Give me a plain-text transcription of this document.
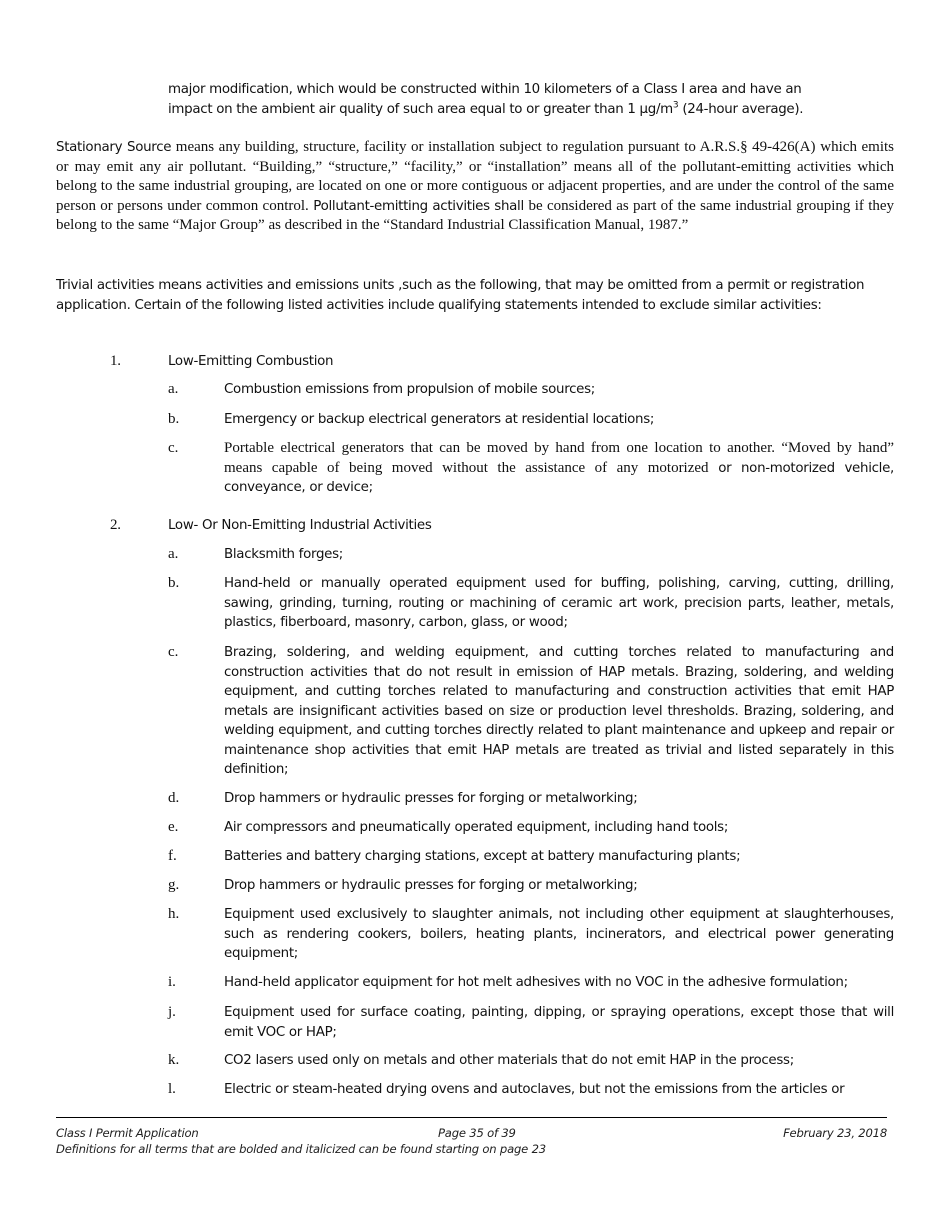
major modification, which would be constructed within 10 kilometers of a Class I area and have an
impact on the ambient air quality of such area equal to or greater than 1 $\mu g/m^3$ (24-hour average).
Stationary Source means any building, structure, facility or installation subject to regulation pursuant to A.R.S.§ 49-426(A) which emits or may emit any air pollutant. “Building,” “structure,” “facility,” or “installation” means all of the pollutant-emitting activities which belong to the same industrial grouping, are located on one or more contiguous or adjacent properties, and are under the control of the same person or persons under common control. Pollutant-emitting activities shall be considered as part of the same industrial grouping if they belong to the same “Major Group” as described in the “Standard Industrial Classification Manual, 1987.”
Trivial activities means activities and emissions units ,such as the following, that may be omitted from a permit or registration application. Certain of the following listed activities include qualifying statements intended to exclude similar activities:
1.	Low-Emitting Combustion
a.	Combustion emissions from propulsion of mobile sources;
b.	Emergency or backup electrical generators at residential locations;
c.	Portable electrical generators that can be moved by hand from one location to another. “Moved by hand” means capable of being moved without the assistance of any motorized or non-motorized vehicle, conveyance, or device;
2.	Low- Or Non-Emitting Industrial Activities
a.	Blacksmith forges;
b.	Hand-held or manually operated equipment used for buffing, polishing, carving, cutting, drilling, sawing, grinding, turning, routing or machining of ceramic art work, precision parts, leather, metals, plastics, fiberboard, masonry, carbon, glass, or wood;
c.	Brazing, soldering, and welding equipment, and cutting torches related to manufacturing and construction activities that do not result in emission of HAP metals. Brazing, soldering, and welding equipment, and cutting torches related to manufacturing and construction activities that emit HAP metals are insignificant activities based on size or production level thresholds. Brazing, soldering, and welding equipment, and cutting torches directly related to plant maintenance and upkeep and repair or maintenance shop activities that emit HAP metals are treated as trivial and listed separately in this definition;
d.	Drop hammers or hydraulic presses for forging or metalworking;
e.	Air compressors and pneumatically operated equipment, including hand tools;
f.	Batteries and battery charging stations, except at battery manufacturing plants;
g.	Drop hammers or hydraulic presses for forging or metalworking;
h.	Equipment used exclusively to slaughter animals, not including other equipment at slaughterhouses, such as rendering cookers, boilers, heating plants, incinerators, and electrical power generating equipment;
i.	Hand-held applicator equipment for hot melt adhesives with no VOC in the adhesive formulation;
j.	Equipment used for surface coating, painting, dipping, or spraying operations, except those that will emit VOC or HAP;
k.	CO2 lasers used only on metals and other materials that do not emit HAP in the process;
l.	Electric or steam-heated drying ovens and autoclaves, but not the emissions from the articles or
Class I Permit Application	Page 35 of 39	February 23, 2018
Definitions for all terms that are bolded and italicized can be found starting on page 23
